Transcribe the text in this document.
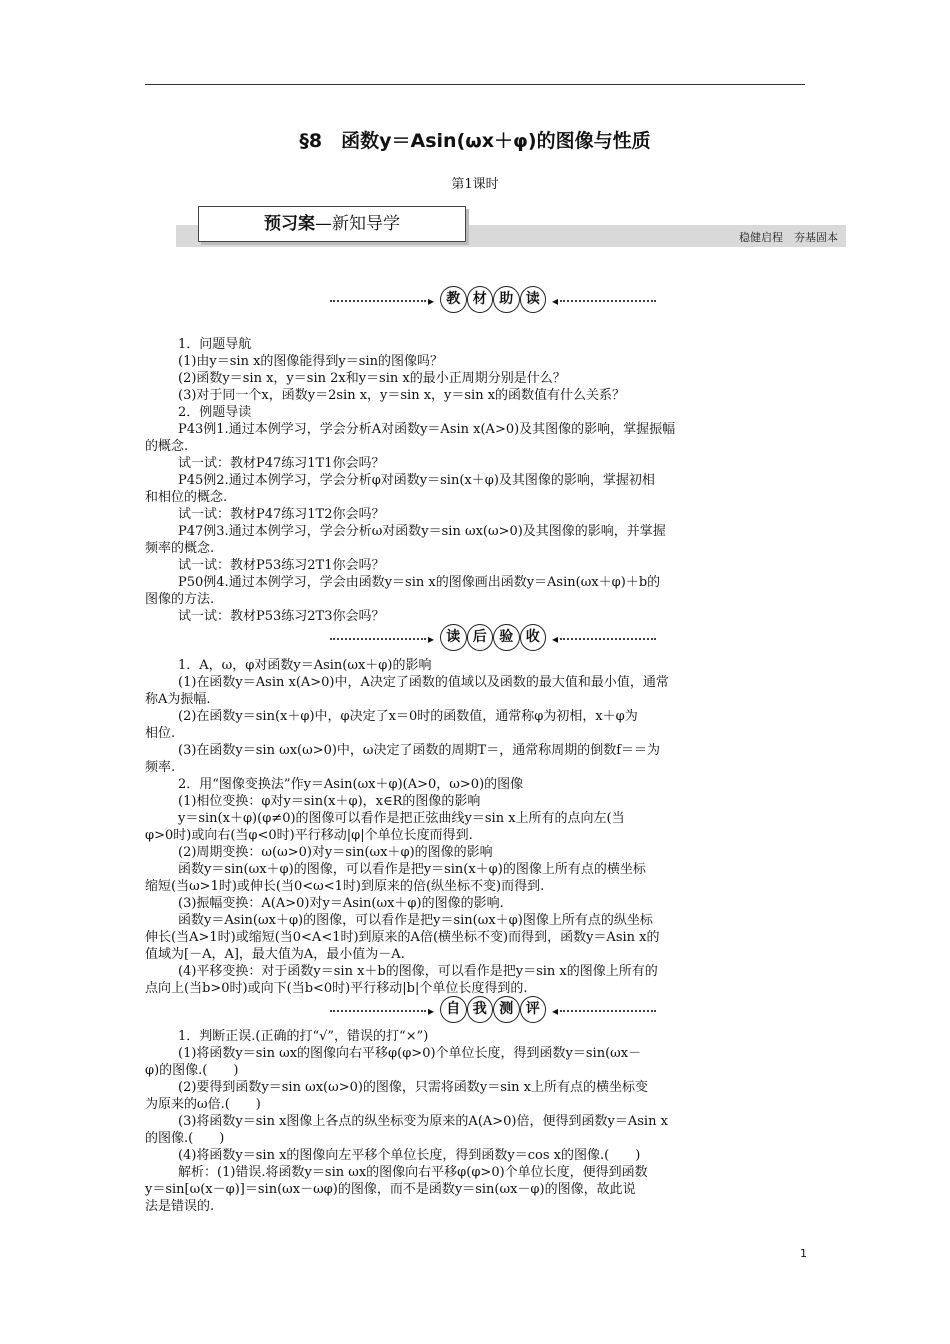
§8　函数y＝Asin(ωx＋φ)的图像与性质
第1课时
稳健启程　夯基固本
预习案—新知导学
▸ 教 材 助 读	◂

1．问题导航

(1)由y＝sin x的图像能得到y＝sin的图像吗？

(2)函数y＝sin x，y＝sin 2x和y＝sin x的最小正周期分别是什么？

(3)对于同一个x，函数y＝2sin x，y＝sin x，y＝sin x的函数值有什么关系？

2．例题导读

P43例1.通过本例学习，学会分析A对函数y＝Asin x(A>0)及其图像的影响，掌握振幅

的概念.

试一试：教材P47练习1T1你会吗？

P45例2.通过本例学习，学会分析φ对函数y＝sin(x＋φ)及其图像的影响，掌握初相

和相位的概念.

试一试：教材P47练习1T2你会吗？

P47例3.通过本例学习，学会分析ω对函数y＝sin ωx(ω>0)及其图像的影响，并掌握

频率的概念.

试一试：教材P53练习2T1你会吗？

P50例4.通过本例学习，学会由函数y＝sin x的图像画出函数y＝Asin(ωx＋φ)＋b的

图像的方法.

试一试：教材P53练习2T3你会吗？

▸ 读 后 验 收	◂

1．A，ω，φ对函数y＝Asin(ωx＋φ)的影响

(1)在函数y＝Asin x(A>0)中，A决定了函数的值域以及函数的最大值和最小值，通常

称A为振幅.

(2)在函数y＝sin(x＋φ)中，φ决定了x＝0时的函数值，通常称φ为初相，x＋φ为

相位.

(3)在函数y＝sin ωx(ω>0)中，ω决定了函数的周期T＝，通常称周期的倒数f＝＝为

频率.

2．用“图像变换法”作y＝Asin(ωx＋φ)(A>0，ω>0)的图像

(1)相位变换：φ对y＝sin(x＋φ)，x∈R的图像的影响

y＝sin(x＋φ)(φ≠0)的图像可以看作是把正弦曲线y＝sin x上所有的点向左(当

φ>0时)或向右(当φ<0时)平行移动|φ|个单位长度而得到.

(2)周期变换：ω(ω>0)对y＝sin(ωx＋φ)的图像的影响

函数y＝sin(ωx＋φ)的图像，可以看作是把y＝sin(x＋φ)的图像上所有点的横坐标

缩短(当ω>1时)或伸长(当0<ω<1时)到原来的倍(纵坐标不变)而得到.

(3)振幅变换：A(A>0)对y＝Asin(ωx＋φ)的图像的影响.

函数y＝Asin(ωx＋φ)的图像，可以看作是把y＝sin(ωx＋φ)图像上所有点的纵坐标

伸长(当A>1时)或缩短(当0<A<1时)到原来的A倍(横坐标不变)而得到，函数y＝Asin x的

值域为[－A，A]，最大值为A，最小值为－A.

(4)平移变换：对于函数y＝sin x＋b的图像，可以看作是把y＝sin x的图像上所有的

点向上(当b>0时)或向下(当b<0时)平行移动|b|个单位长度得到的.

▸ 自 我 测 评	◂

1．判断正误.(正确的打“√”，错误的打“×”)

(1)将函数y＝sin ωx的图像向右平移φ(φ>0)个单位长度，得到函数y＝sin(ωx－

φ)的图像.(　　)

(2)要得到函数y＝sin ωx(ω>0)的图像，只需将函数y＝sin x上所有点的横坐标变

为原来的ω倍.(　　)

(3)将函数y＝sin x图像上各点的纵坐标变为原来的A(A>0)倍，便得到函数y＝Asin x

的图像.(　　)

(4)将函数y＝sin x的图像向左平移个单位长度，得到函数y＝cos x的图像.(　　)

解析：(1)错误.将函数y＝sin ωx的图像向右平移φ(φ>0)个单位长度，便得到函数

y＝sin[ω(x－φ)]＝sin(ωx－ωφ)的图像，而不是函数y＝sin(ωx－φ)的图像，故此说

法是错误的.

1
